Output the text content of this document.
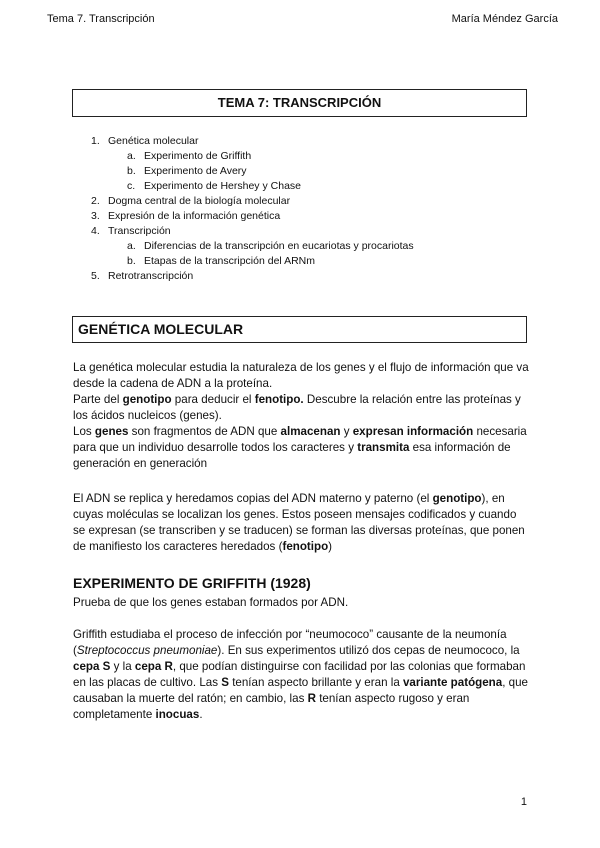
Tema 7. Transcripción	María Méndez García
TEMA 7: TRANSCRIPCIÓN
1. Genética molecular
a. Experimento de Griffith
b. Experimento de Avery
c. Experimento de Hershey y Chase
2. Dogma central de la biología molecular
3. Expresión de la información genética
4. Transcripción
a. Diferencias de la transcripción en eucariotas y procariotas
b. Etapas de la transcripción del ARNm
5. Retrotranscripción
GENÉTICA MOLECULAR
La genética molecular estudia la naturaleza de los genes y el flujo de información que va
desde la cadena de ADN a la proteína.
Parte del genotipo para deducir el fenotipo. Descubre la relación entre las proteínas y
los ácidos nucleicos (genes).
Los genes son fragmentos de ADN que almacenan y expresan información necesaria
para que un individuo desarrolle todos los caracteres y transmita esa información de
generación en generación
El ADN se replica y heredamos copias del ADN materno y paterno (el genotipo), en
cuyas moléculas se localizan los genes. Estos poseen mensajes codificados y cuando
se expresan (se transcriben y se traducen) se forman las diversas proteínas, que ponen
de manifiesto los caracteres heredados (fenotipo)
EXPERIMENTO DE GRIFFITH (1928)
Prueba de que los genes estaban formados por ADN.
Griffith estudiaba el proceso de infección por “neumococo” causante de la neumonía
(Streptococcus pneumoniae). En sus experimentos utilizó dos cepas de neumococo, la
cepa S y la cepa R, que podían distinguirse con facilidad por las colonias que formaban
en las placas de cultivo. Las S tenían aspecto brillante y eran la variante patógena, que
causaban la muerte del ratón; en cambio, las R tenían aspecto rugoso y eran
completamente inocuas.
1
